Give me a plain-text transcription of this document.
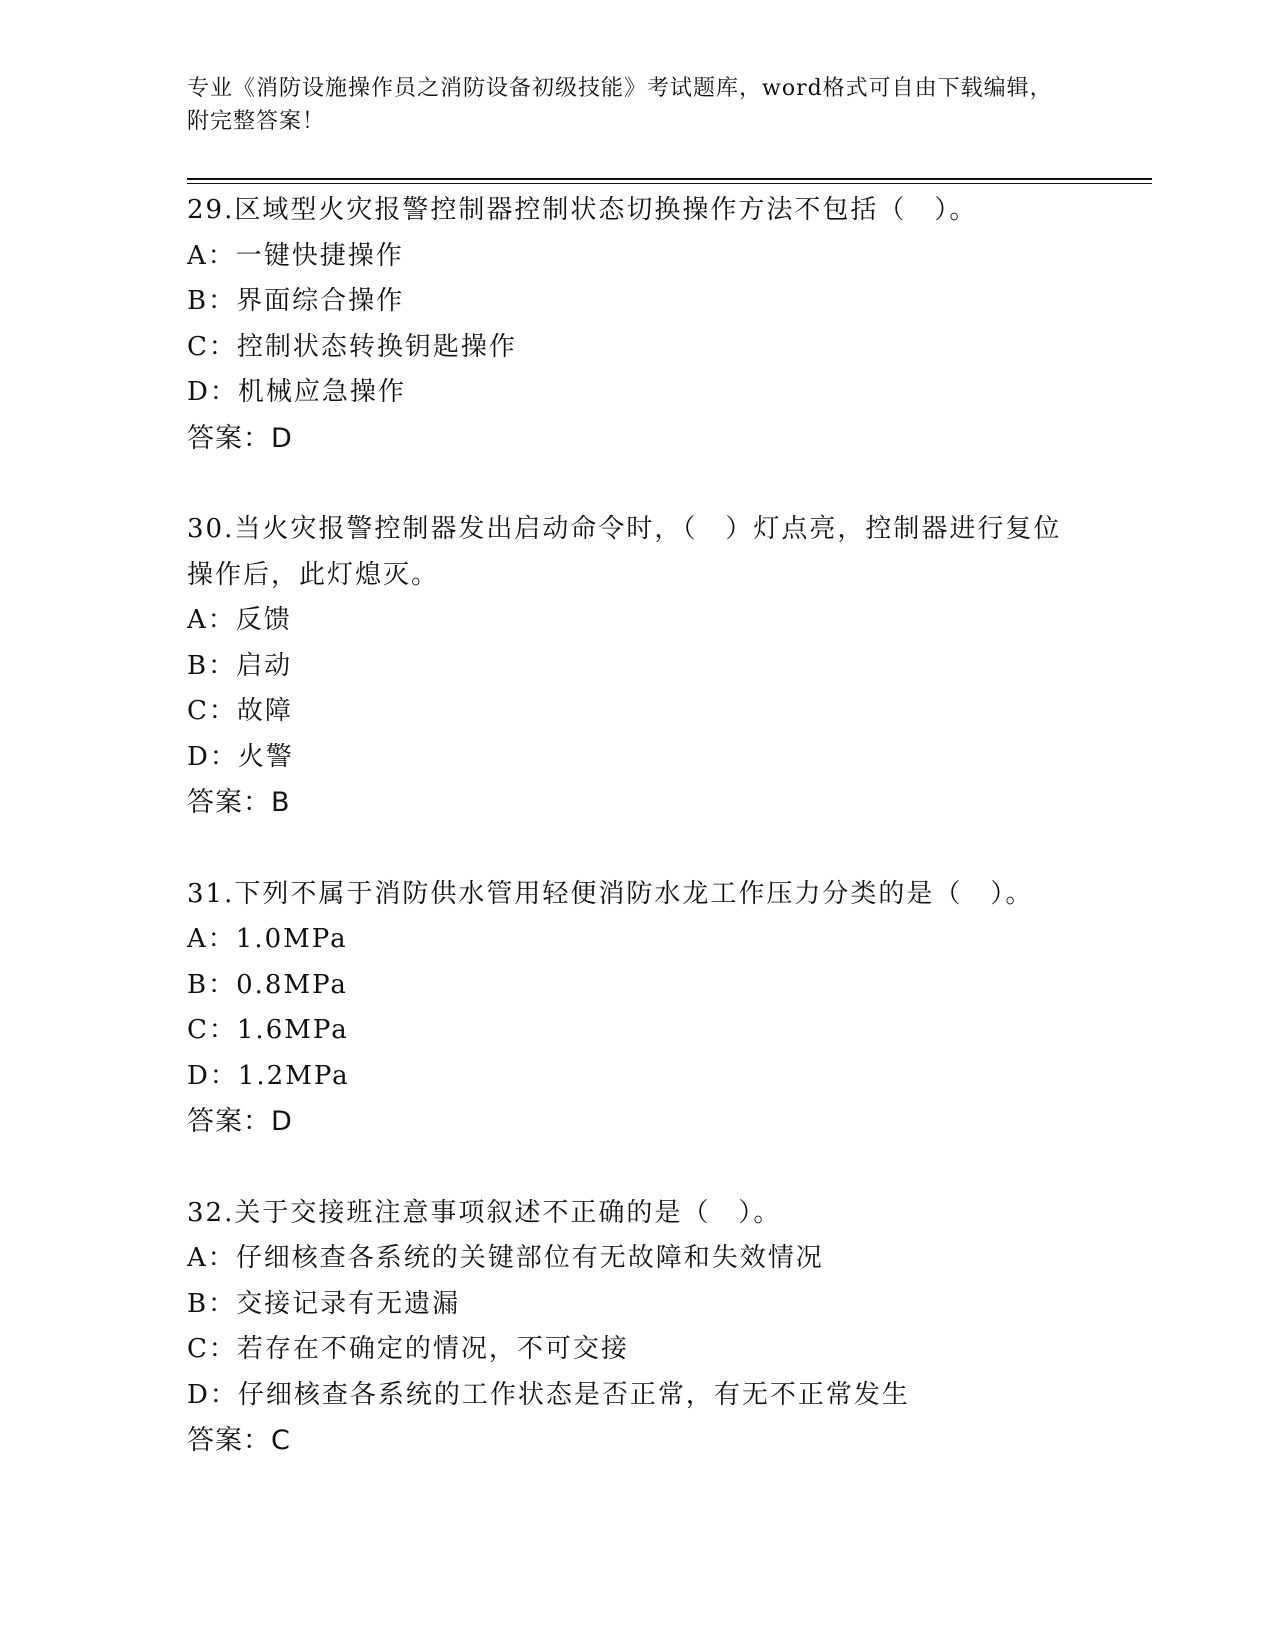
专业《消防设施操作员之消防设备初级技能》考试题库，word格式可自由下载编辑，附完整答案！
29.区域型火灾报警控制器控制状态切换操作方法不包括（　）。
A：一键快捷操作
B：界面综合操作
C：控制状态转换钥匙操作
D：机械应急操作
答案：D
30.当火灾报警控制器发出启动命令时，（　）灯点亮，控制器进行复位操作后，此灯熄灭。
A：反馈
B：启动
C：故障
D：火警
答案：B
31.下列不属于消防供水管用轻便消防水龙工作压力分类的是（　）。
A：1.0MPa
B：0.8MPa
C：1.6MPa
D：1.2MPa
答案：D
32.关于交接班注意事项叙述不正确的是（　）。
A：仔细核查各系统的关键部位有无故障和失效情况
B：交接记录有无遗漏
C：若存在不确定的情况，不可交接
D：仔细核查各系统的工作状态是否正常，有无不正常发生
答案：C
